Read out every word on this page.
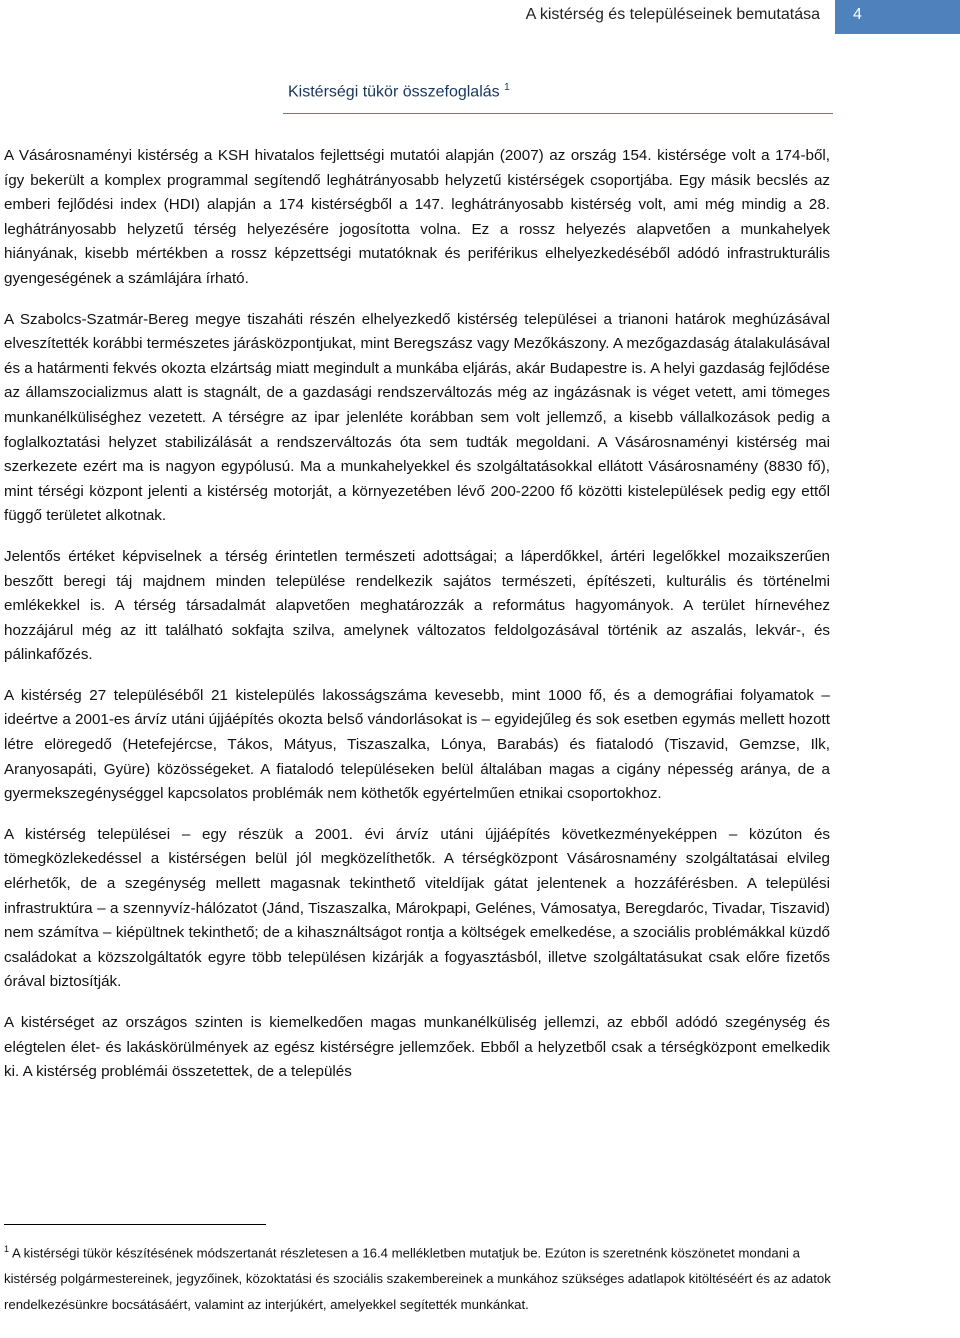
A kistérség és településeinek bemutatása 4
Kistérségi tükör összefoglalás $^1$

A Vásárosnaményi kistérség a KSH hivatalos fejlettségi mutatói alapján (2007) az ország 154. kistérsége volt a 174-ből, így bekerült a komplex programmal segítendő leghátrányosabb helyzetű kistérségek csoportjába. Egy másik becslés az emberi fejlődési index (HDI) alapján a 174 kistérségből a 147. leghátrányosabb kistérség volt, ami még mindig a 28. leghátrányosabb helyzetű térség helyezésére jogosította volna. Ez a rossz helyezés alapvetően a munkahelyek hiányának, kisebb mértékben a rossz képzettségi mutatóknak és periférikus elhelyezkedéséből adódó infrastrukturális gyengeségének a számlájára írható.

A Szabolcs-Szatmár-Bereg megye tiszaháti részén elhelyezkedő kistérség települései a trianoni határok meghúzásával elveszítették korábbi természetes járásközpontjukat, mint Beregszász vagy Mezőkászony. A mezőgazdaság átalakulásával és a határmenti fekvés okozta elzártság miatt megindult a munkába eljárás, akár Budapestre is. A helyi gazdaság fejlődése az államszocializmus alatt is stagnált, de a gazdasági rendszerváltozás még az ingázásnak is véget vetett, ami tömeges munkanélküliséghez vezetett. A térségre az ipar jelenléte korábban sem volt jellemző, a kisebb vállalkozások pedig a foglalkoztatási helyzet stabilizálását a rendszerváltozás óta sem tudták megoldani. A Vásárosnaményi kistérség mai szerkezete ezért ma is nagyon egypólusú. Ma a munkahelyekkel és szolgáltatásokkal ellátott Vásárosnamény (8830 fő), mint térségi központ jelenti a kistérség motorját, a környezetében lévő 200-2200 fő közötti kistelepülések pedig egy ettől függő területet alkotnak.

Jelentős értéket képviselnek a térség érintetlen természeti adottságai; a láperdőkkel, ártéri legelőkkel mozaikszerűen beszőtt beregi táj majdnem minden települése rendelkezik sajátos természeti, építészeti, kulturális és történelmi emlékekkel is. A térség társadalmát alapvetően meghatározzák a református hagyományok. A terület hírnevéhez hozzájárul még az itt található sokfajta szilva, amelynek változatos feldolgozásával történik az aszalás, lekvár-, és pálinkafőzés.

A kistérség 27 településéből 21 kistelepülés lakosságszáma kevesebb, mint 1000 fő, és a demográfiai folyamatok – ideértve a 2001-es árvíz utáni újjáépítés okozta belső vándorlásokat is – egyidejűleg és sok esetben egymás mellett hozott létre elöregedő (Hetefejércse, Tákos, Mátyus, Tiszaszalka, Lónya, Barabás) és fiatalodó (Tiszavid, Gemzse, Ilk, Aranyosapáti, Gyüre) közösségeket. A fiatalodó településeken belül általában magas a cigány népesség aránya, de a gyermekszegénységgel kapcsolatos problémák nem köthetők egyértelműen etnikai csoportokhoz.

A kistérség települései – egy részük a 2001. évi árvíz utáni újjáépítés következményeképpen – közúton és tömegközlekedéssel a kistérségen belül jól megközelíthetők. A térségközpont Vásárosnamény szolgáltatásai elvileg elérhetők, de a szegénység mellett magasnak tekinthető viteldíjak gátat jelentenek a hozzáférésben. A települési infrastruktúra – a szennyvíz-hálózatot (Jánd, Tiszaszalka, Márokpapi, Gelénes, Vámosatya, Beregdaróc, Tivadar, Tiszavid) nem számítva – kiépültnek tekinthető; de a kihasználtságot rontja a költségek emelkedése, a szociális problémákkal küzdő családokat a közszolgáltatók egyre több településen kizárják a fogyasztásból, illetve szolgáltatásukat csak előre fizetős órával biztosítják.

A kistérséget az országos szinten is kiemelkedően magas munkanélküliség jellemzi, az ebből adódó szegénység és elégtelen élet- és lakáskörülmények az egész kistérségre jellemzőek. Ebből a helyzetből csak a térségközpont emelkedik ki. A kistérség problémái összetettek, de a település

$^1$ A kistérségi tükör készítésének módszertanát részletesen a 16.4 mellékletben mutatjuk be. Ezúton is szeretnénk köszönetet mondani a kistérség polgármestereinek, jegyzőinek, közoktatási és szociális szakembereinek a munkához szükséges adatlapok kitöltéséért és az adatok rendelkezésünkre bocsátásáért, valamint az interjúkért, amelyekkel segítették munkánkat.
